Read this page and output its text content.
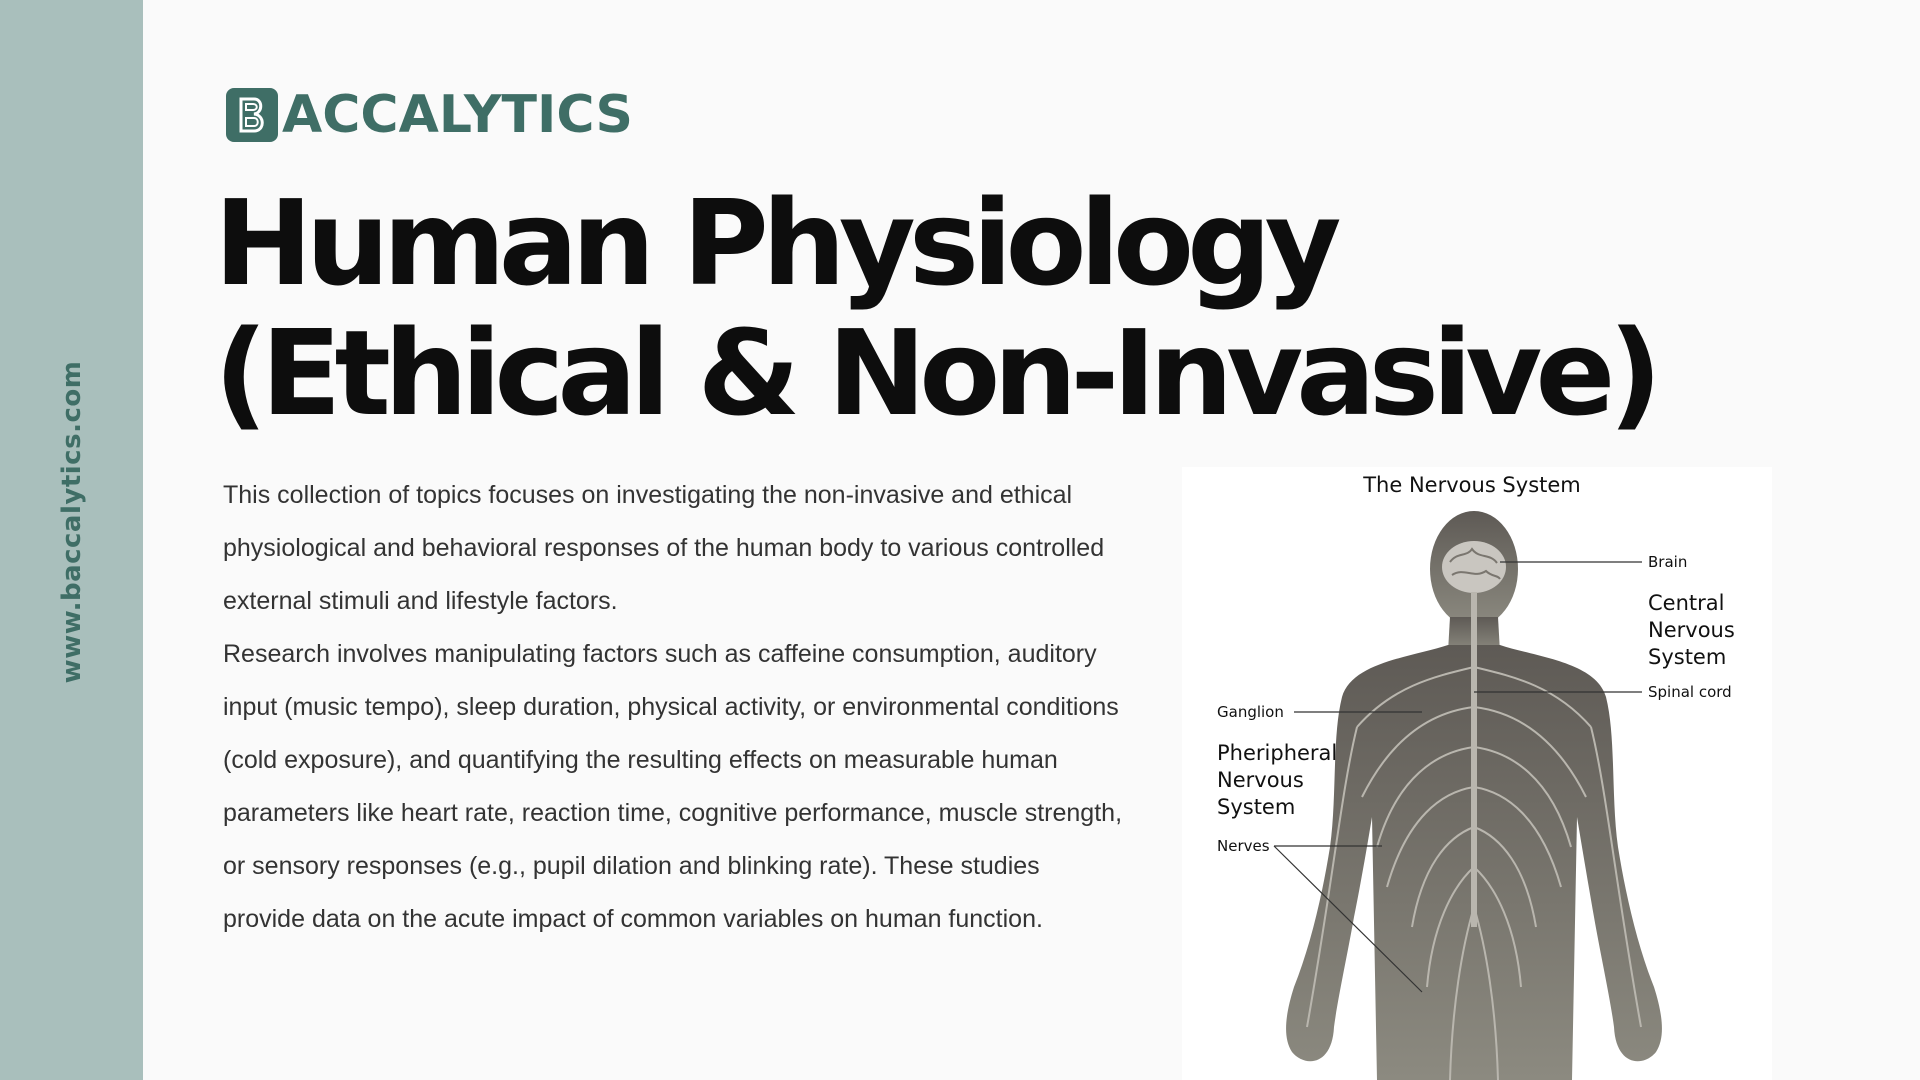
www.baccalytics.com
ACCALYTICS
Human Physiology
(Ethical & Non-Invasive)

This collection of topics focuses on investigating the non-invasive and ethical physiological and behavioral responses of the human body to various controlled external stimuli and lifestyle factors.

Research involves manipulating factors such as caffeine consumption, auditory input (music tempo), sleep duration, physical activity, or environmental conditions (cold exposure), and quantifying the resulting effects on measurable human parameters like heart rate, reaction time, cognitive performance, muscle strength, or sensory responses (e.g., pupil dilation and blinking rate). These studies provide data on the acute impact of common variables on human function.

The Nervous System
Brain
Central
Nervous
System
Spinal cord
Ganglion
Pheripheral
Nervous
System
Nerves
